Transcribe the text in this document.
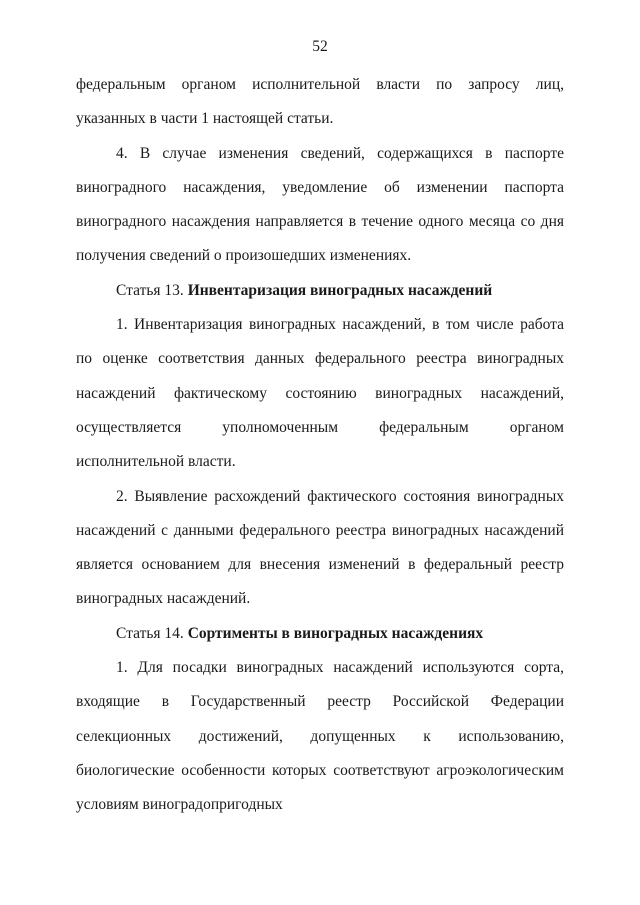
52

федеральным органом исполнительной власти по запросу лиц, указанных в части 1 настоящей статьи.

4. В случае изменения сведений, содержащихся в паспорте виноградного насаждения, уведомление об изменении паспорта виноградного насаждения направляется в течение одного месяца со дня получения сведений о произошедших изменениях.

Статья 13. Инвентаризация виноградных насаждений

1. Инвентаризация виноградных насаждений, в том числе работа по оценке соответствия данных федерального реестра виноградных насаждений фактическому состоянию виноградных насаждений, осуществляется уполномоченным федеральным органом исполнительной власти.

2. Выявление расхождений фактического состояния виноградных насаждений с данными федерального реестра виноградных насаждений является основанием для внесения изменений в федеральный реестр виноградных насаждений.

Статья 14. Сортименты в виноградных насаждениях

1. Для посадки виноградных насаждений используются сорта, входящие в Государственный реестр Российской Федерации селекционных достижений, допущенных к использованию, биологические особенности которых соответствуют агроэкологическим условиям виноградопригодных
